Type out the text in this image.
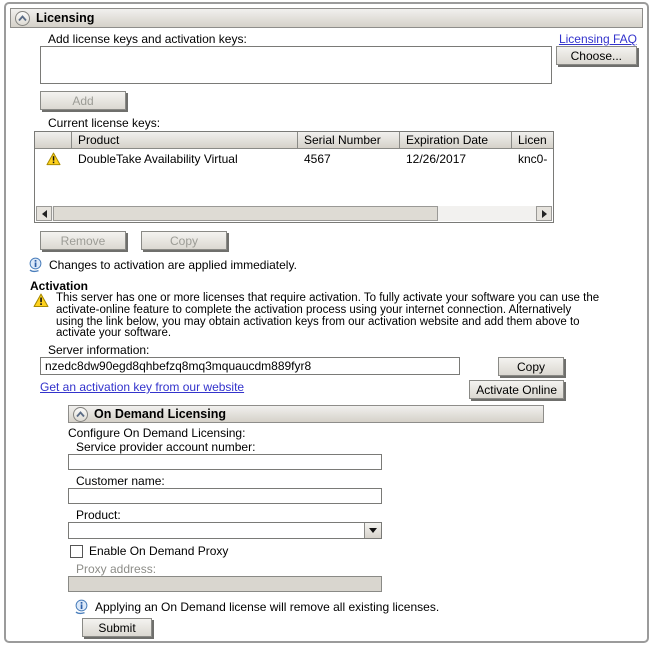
Licensing
Add license keys and activation keys:	Licensing FAQ
Choose...
Add
Current license keys:
Product	Serial Number	Expiration Date	Licen
DoubleTake Availability Virtual	4567	12/26/2017	knc0-
Remove	Copy
Changes to activation are applied immediately.
Activation

This server has one or more licenses that require activation. To fully activate your software you can use the activate-online feature to complete the activation process using your internet connection. Alternatively using the link below, you may obtain activation keys from our activation website and add them above to activate your software.

Server information:
nzedc8dw90egd8qhbefzq8mq3mquaucdm889fyr8
Copy
Get an activation key from our website	Activate Online
On Demand Licensing
Configure On Demand Licensing:
Service provider account number:
Customer name:
Product:
Enable On Demand Proxy
Proxy address:
Applying an On Demand license will remove all existing licenses.
Submit
